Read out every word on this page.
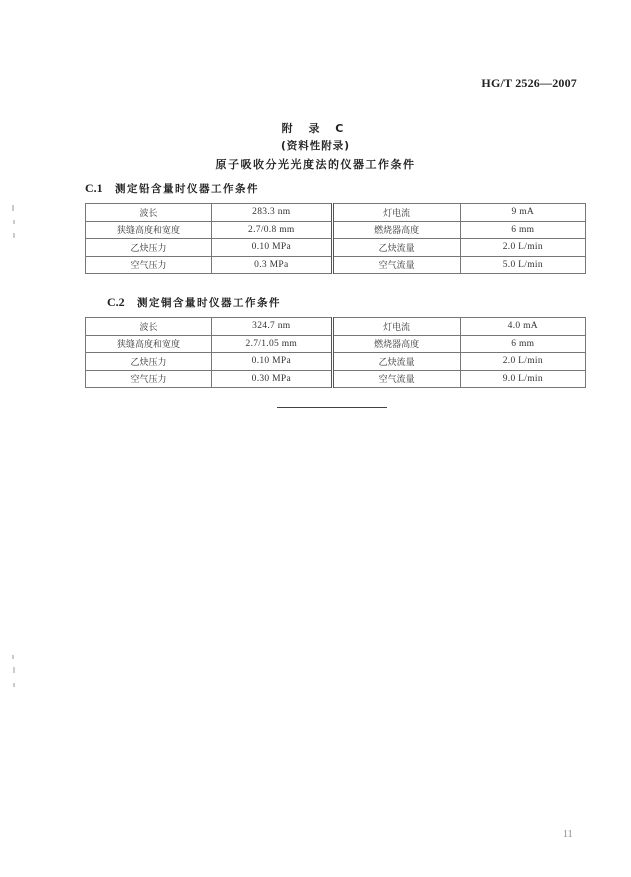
HG/T 2526—2007
附 录 C
(资料性附录)
原子吸收分光光度法的仪器工作条件
C.1 测定铅含量时仪器工作条件
波长	283.3 nm	灯电流	9 mA
狭缝高度和宽度	2.7/0.8 mm	燃烧器高度	6 mm
乙炔压力	0.10 MPa	乙炔流量	2.0 L/min
空气压力	0.3 MPa	空气流量	5.0 L/min
C.2 测定铜含量时仪器工作条件
波长	324.7 nm	灯电流	4.0 mA
狭缝高度和宽度	2.7/1.05 mm	燃烧器高度	6 mm
乙炔压力	0.10 MPa	乙炔流量	2.0 L/min
空气压力	0.30 MPa	空气流量	9.0 L/min
11
